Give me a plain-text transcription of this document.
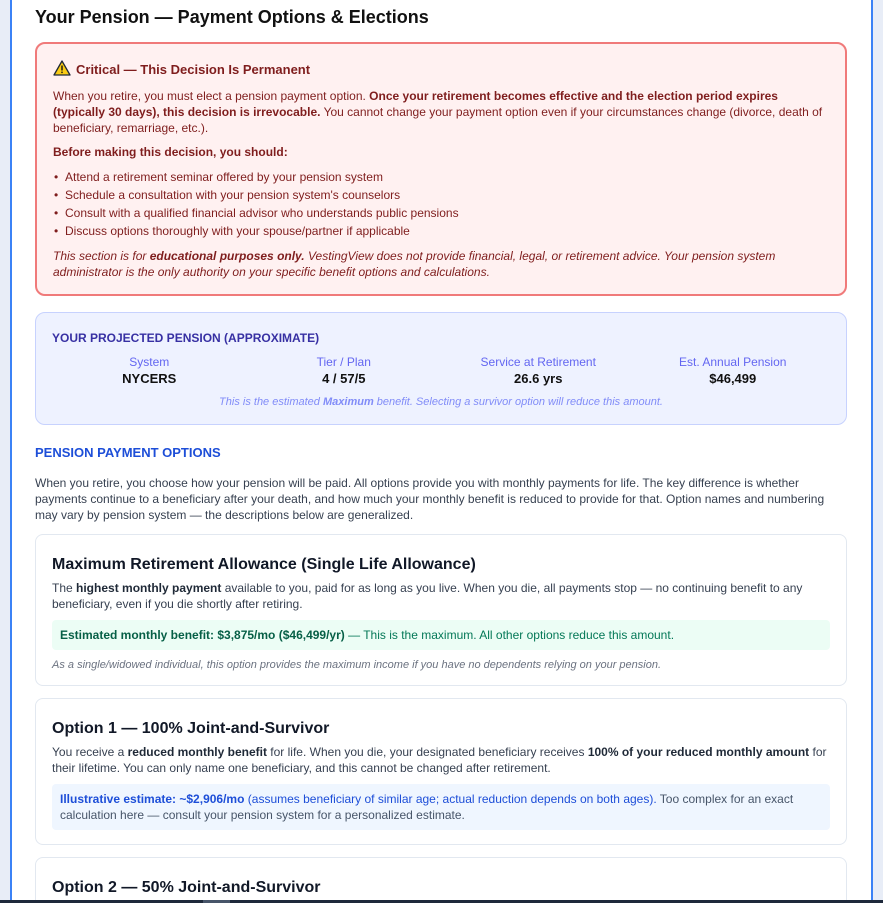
Your Pension — Payment Options & Elections
Critical — This Decision Is Permanent

When you retire, you must elect a pension payment option. Once your retirement becomes effective and the election period expires (typically 30 days), this decision is irrevocable. You cannot change your payment option even if your circumstances change (divorce, death of beneficiary, remarriage, etc.).

Before making this decision, you should:

• Attend a retirement seminar offered by your pension system
• Schedule a consultation with your pension system's counselors
• Consult with a qualified financial advisor who understands public pensions
• Discuss options thoroughly with your spouse/partner if applicable

This section is for educational purposes only. VestingView does not provide financial, legal, or retirement advice. Your pension system administrator is the only authority on your specific benefit options and calculations.

YOUR PROJECTED PENSION (APPROXIMATE)
System
NYCERS
Tier / Plan
4 / 57/5
Service at Retirement
26.6 yrs
Est. Annual Pension
$46,499
This is the estimated Maximum benefit. Selecting a survivor option will reduce this amount.
PENSION PAYMENT OPTIONS

When you retire, you choose how your pension will be paid. All options provide you with monthly payments for life. The key difference is whether payments continue to a beneficiary after your death, and how much your monthly benefit is reduced to provide for that. Option names and numbering may vary by pension system — the descriptions below are generalized.

Maximum Retirement Allowance (Single Life Allowance)

The highest monthly payment available to you, paid for as long as you live. When you die, all payments stop — no continuing benefit to any beneficiary, even if you die shortly after retiring.

Estimated monthly benefit: $3,875/mo ($46,499/yr) — This is the maximum. All other options reduce this amount.

As a single/widowed individual, this option provides the maximum income if you have no dependents relying on your pension.

Option 1 — 100% Joint-and-Survivor

You receive a reduced monthly benefit for life. When you die, your designated beneficiary receives 100% of your reduced monthly amount for their lifetime. You can only name one beneficiary, and this cannot be changed after retirement.

Illustrative estimate: ~$2,906/mo (assumes beneficiary of similar age; actual reduction depends on both ages). Too complex for an exact calculation here — consult your pension system for a personalized estimate.
Option 2 — 50% Joint-and-Survivor
